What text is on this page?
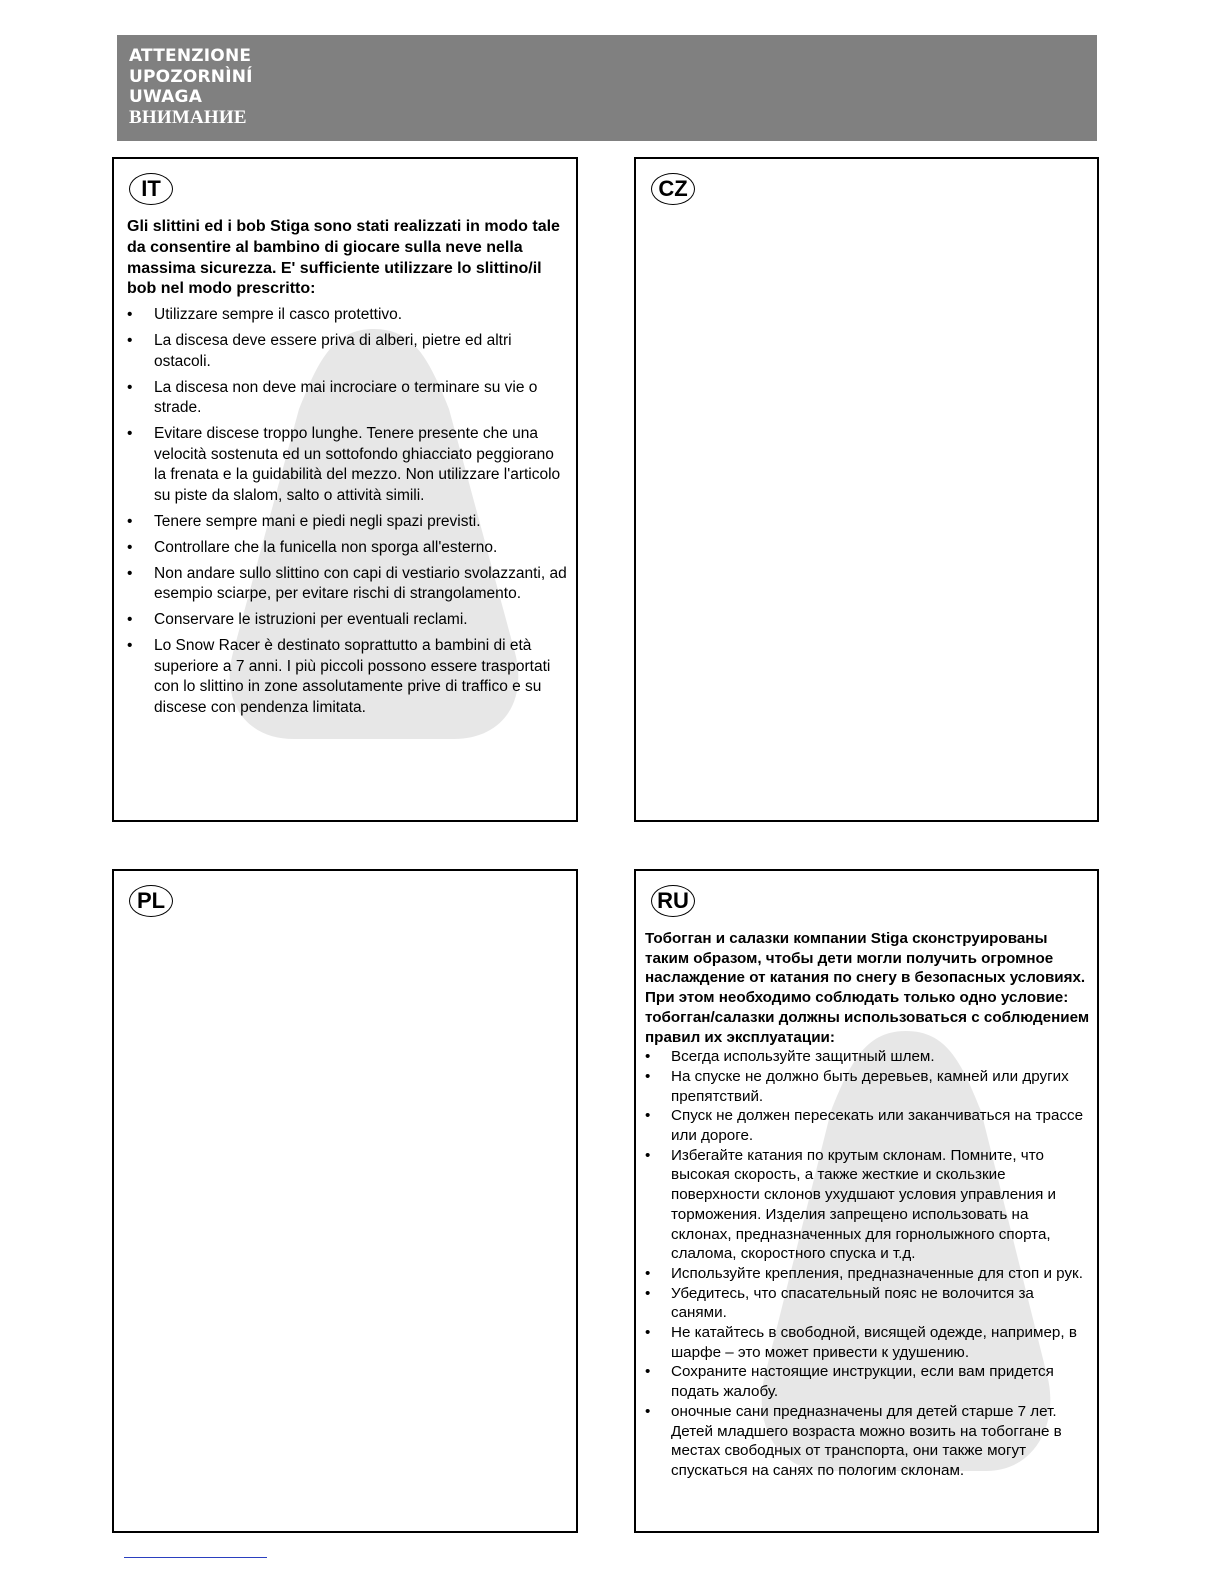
ATTENZIONE
UPOZORNÌNÍ
UWAGA
ВНИМАНИЕ
IT

Gli slittini ed i bob Stiga sono stati realizzati in modo tale da consentire al bambino di giocare sulla neve nella massima sicurezza. E' sufficiente utilizzare lo slittino/il bob nel modo prescritto:

• Utilizzare sempre il casco protettivo.
• La discesa deve essere priva di alberi, pietre ed altri ostacoli.
• La discesa non deve mai incrociare o terminare su vie o strade.
• Evitare discese troppo lunghe. Tenere presente che una velocità sostenuta ed un sottofondo ghiacciato peggiorano la frenata e la guidabilità del mezzo. Non utilizzare l'articolo su piste da slalom, salto o attività simili.
• Tenere sempre mani e piedi negli spazi previsti.
• Controllare che la funicella non sporga all'esterno.
• Non andare sullo slittino con capi di vestiario svolazzanti, ad esempio sciarpe, per evitare rischi di strangolamento.
• Conservare le istruzioni per eventuali reclami.
• Lo Snow Racer è destinato soprattutto a bambini di età superiore a 7 anni. I più piccoli possono essere trasportati con lo slittino in zone assolutamente prive di traffico e su discese con pendenza limitata.
CZ
PL	RU

Тобогган и салазки компании Stiga сконструированы таким образом, чтобы дети могли получить огромное наслаждение от катания по снегу в безопасных условиях. При этом необходимо соблюдать только одно условие: тобогган/салазки должны использоваться с соблюдением правил их эксплуатации:

• Всегда используйте защитный шлем.
• На спуске не должно быть деревьев, камней или других препятствий.
• Спуск не должен пересекать или заканчиваться на трассе или дороге.
• Избегайте катания по крутым склонам. Помните, что высокая скорость, а также жесткие и скользкие поверхности склонов ухудшают условия управления и торможения. Изделия запрещено использовать на склонах, предназначенных для горнолыжного спорта, слалома, скоростного спуска и т.д.
• Используйте крепления, предназначенные для стоп и рук.
• Убедитесь, что спасательный пояс не волочится за санями.
• Не катайтесь в свободной, висящей одежде, например, в шарфе – это может привести к удушению.
• Сохраните настоящие инструкции, если вам придется подать жалобу.
• оночные сани предназначены для детей старше 7 лет. Детей младшего возраста можно возить на тобоггане в местах свободных от транспорта, они также могут спускаться на санях по пологим склонам.
